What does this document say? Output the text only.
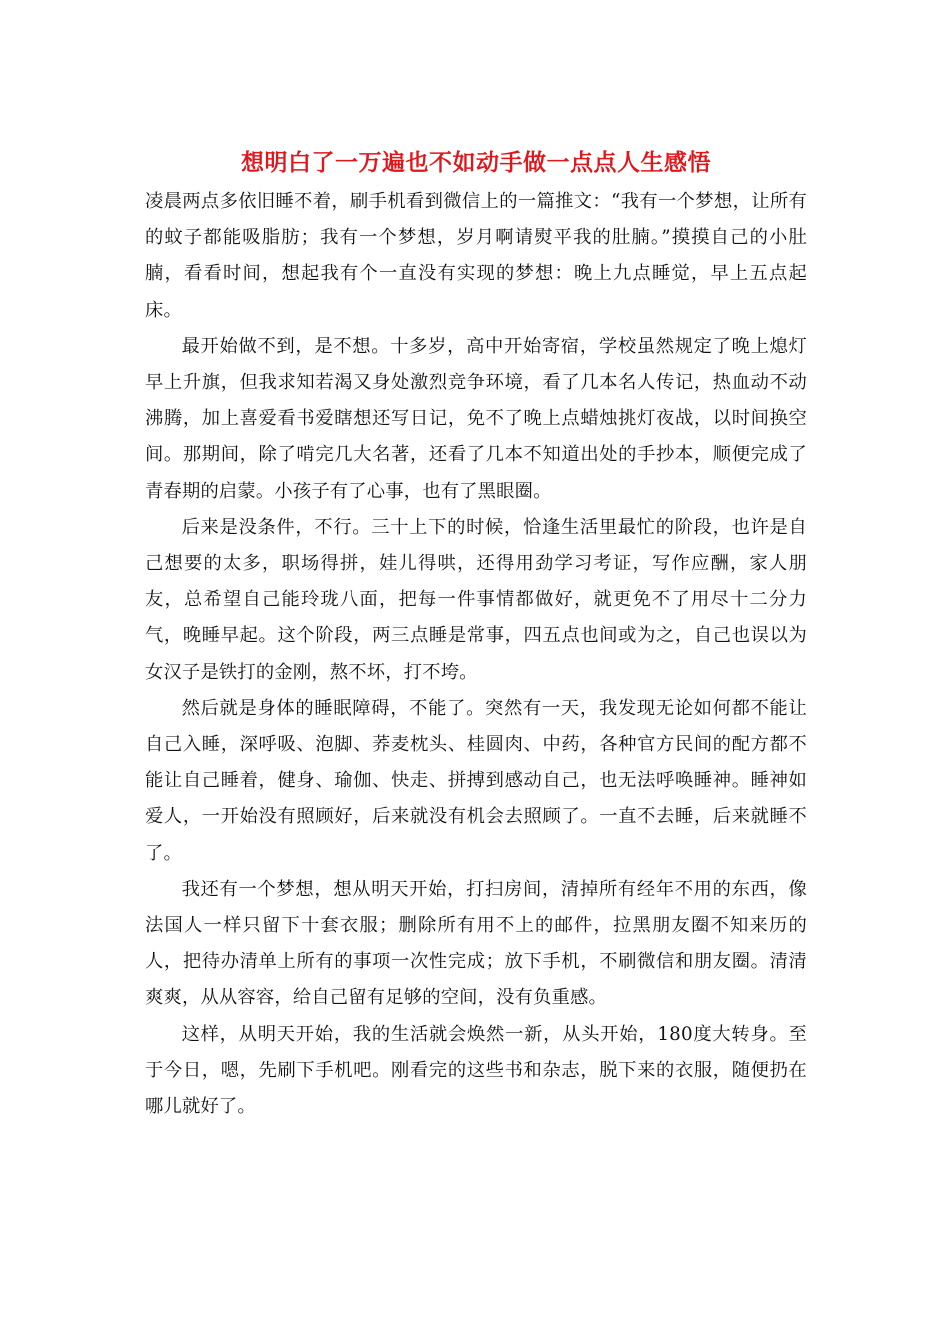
想明白了一万遍也不如动手做一点点人生感悟

凌晨两点多依旧睡不着，刷手机看到微信上的一篇推文：“我有一个梦想，让所有的蚊子都能吸脂肪；我有一个梦想，岁月啊请熨平我的肚腩。”摸摸自己的小肚腩，看看时间，想起我有个一直没有实现的梦想：晚上九点睡觉，早上五点起床。

最开始做不到，是不想。十多岁，高中开始寄宿，学校虽然规定了晚上熄灯早上升旗，但我求知若渴又身处激烈竞争环境，看了几本名人传记，热血动不动沸腾，加上喜爱看书爱瞎想还写日记，免不了晚上点蜡烛挑灯夜战，以时间换空间。那期间，除了啃完几大名著，还看了几本不知道出处的手抄本，顺便完成了青春期的启蒙。小孩子有了心事，也有了黑眼圈。

后来是没条件，不行。三十上下的时候，恰逢生活里最忙的阶段，也许是自己想要的太多，职场得拼，娃儿得哄，还得用劲学习考证，写作应酬，家人朋友，总希望自己能玲珑八面，把每一件事情都做好，就更免不了用尽十二分力气，晚睡早起。这个阶段，两三点睡是常事，四五点也间或为之，自己也误以为女汉子是铁打的金刚，熬不坏，打不垮。

然后就是身体的睡眠障碍，不能了。突然有一天，我发现无论如何都不能让自己入睡，深呼吸、泡脚、荞麦枕头、桂圆肉、中药，各种官方民间的配方都不能让自己睡着，健身、瑜伽、快走、拼搏到感动自己，也无法呼唤睡神。睡神如爱人，一开始没有照顾好，后来就没有机会去照顾了。一直不去睡，后来就睡不了。

我还有一个梦想，想从明天开始，打扫房间，清掉所有经年不用的东西，像法国人一样只留下十套衣服；删除所有用不上的邮件，拉黑朋友圈不知来历的人，把待办清单上所有的事项一次性完成；放下手机，不刷微信和朋友圈。清清爽爽，从从容容，给自己留有足够的空间，没有负重感。

这样，从明天开始，我的生活就会焕然一新，从头开始，180度大转身。至于今日，嗯，先刷下手机吧。刚看完的这些书和杂志，脱下来的衣服，随便扔在哪儿就好了。
